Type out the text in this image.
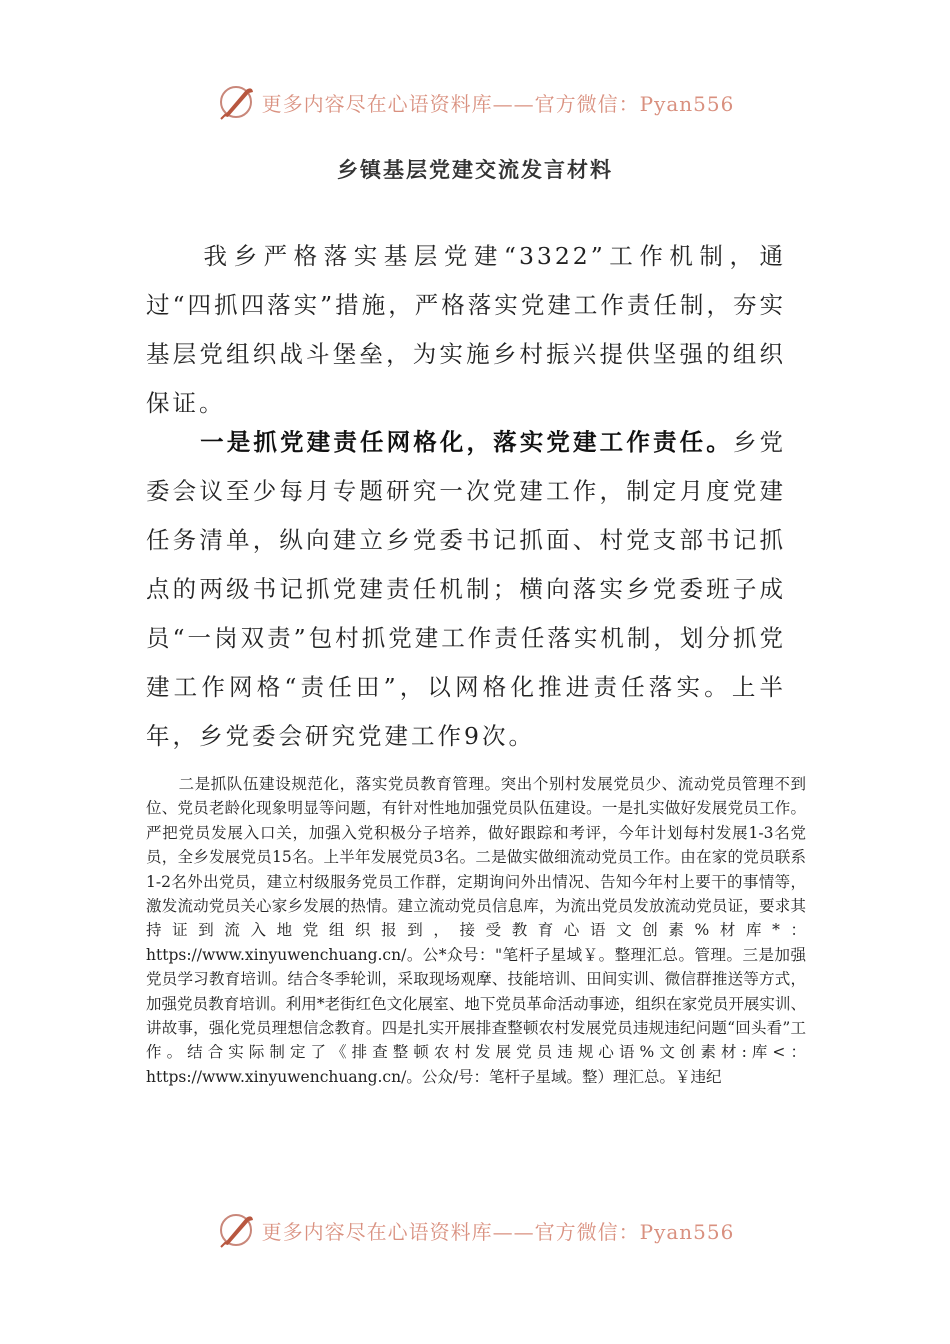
更多内容尽在心语资料库——官方微信：Pyan556
乡镇基层党建交流发言材料

我乡严格落实基层党建“3322”工作机制，通过“四抓四落实”措施，严格落实党建工作责任制，夯实基层党组织战斗堡垒，为实施乡村振兴提供坚强的组织保证。

一是抓党建责任网格化，落实党建工作责任。乡党委会议至少每月专题研究一次党建工作，制定月度党建任务清单，纵向建立乡党委书记抓面、村党支部书记抓点的两级书记抓党建责任机制；横向落实乡党委班子成员“一岗双责”包村抓党建工作责任落实机制，划分抓党建工作网格“责任田”，以网格化推进责任落实。上半年，乡党委会研究党建工作9次。

二是抓队伍建设规范化，落实党员教育管理。突出个别村发展党员少、流动党员管理不到位、党员老龄化现象明显等问题，有针对性地加强党员队伍建设。一是扎实做好发展党员工作。严把党员发展入口关，加强入党积极分子培养，做好跟踪和考评，今年计划每村发展1-3名党员，全乡发展党员15名。上半年发展党员3名。二是做实做细流动党员工作。由在家的党员联系1-2名外出党员，建立村级服务党员工作群，定期询问外出情况、告知今年村上要干的事情等，激发流动党员关心家乡发展的热情。建立流动党员信息库，为流出党员发放流动党员证，要求其持证到流入地党组织报到，接受教育心语文创素%材库*：https://www.xinyuwenchuang.cn/。公*众号："笔杆子星域￥。整理汇总。管理。三是加强党员学习教育培训。结合冬季轮训，采取现场观摩、技能培训、田间实训、微信群推送等方式，加强党员教育培训。利用*老街红色文化展室、地下党员革命活动事迹，组织在家党员开展实训、讲故事，强化党员理想信念教育。四是扎实开展排查整顿农村发展党员违规违纪问题“回头看”工作。结合实际制定了《排查整顿农村发展党员违规心语%文创素材:库<：https://www.xinyuwenchuang.cn/。公众/号：笔杆子星域。整）理汇总。￥违纪

更多内容尽在心语资料库——官方微信：Pyan556
